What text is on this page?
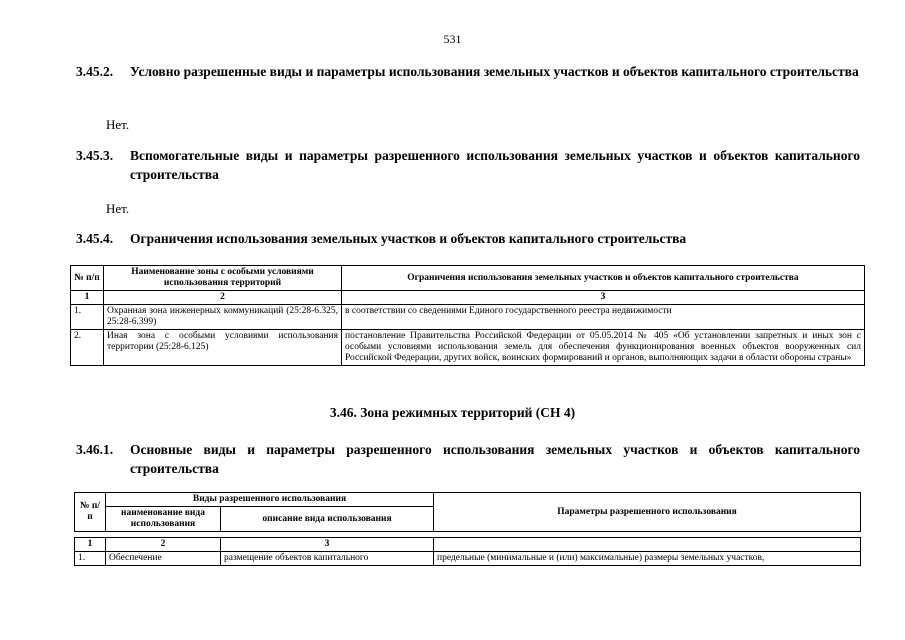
531
3.45.2. Условно разрешенные виды и параметры использования земельных участков и объектов капитального строительства
Нет.
3.45.3. Вспомогательные виды и параметры разрешенного использования земельных участков и объектов капитального строительства
Нет.
3.45.4. Ограничения использования земельных участков и объектов капитального строительства
№ п/п	Наименование зоны с особыми условиями использования территорий	Ограничения использования земельных участков и объектов капитального строительства
1	2	3
1.	Охранная зона инженерных коммуникаций (25:28-6.325, 25:28-6.399)	в соответствии со сведениями Единого государственного реестра недвижимости
2.	Иная зона с особыми условиями использования территории (25:28-6.125)	постановление Правительства Российской Федерации от 05.05.2014 № 405 «Об установлении запретных и иных зон с особыми условиями использования земель для обеспечения функционирования военных объектов вооруженных сил Российской Федерации, других войск, воинских формирований и органов, выполняющих задачи в области обороны страны»
3.46. Зона режимных территорий (СН 4)
3.46.1. Основные виды и параметры разрешенного использования земельных участков и объектов капитального строительства
№ п/п	Виды разрешенного использования		Параметры разрешенного использования
	наименование вида использования	описание вида использования	

1	2	3	
1.	Обеспечение	размещение объектов капитального	предельные (минимальные и (или) максимальные) размеры земельных участков,
